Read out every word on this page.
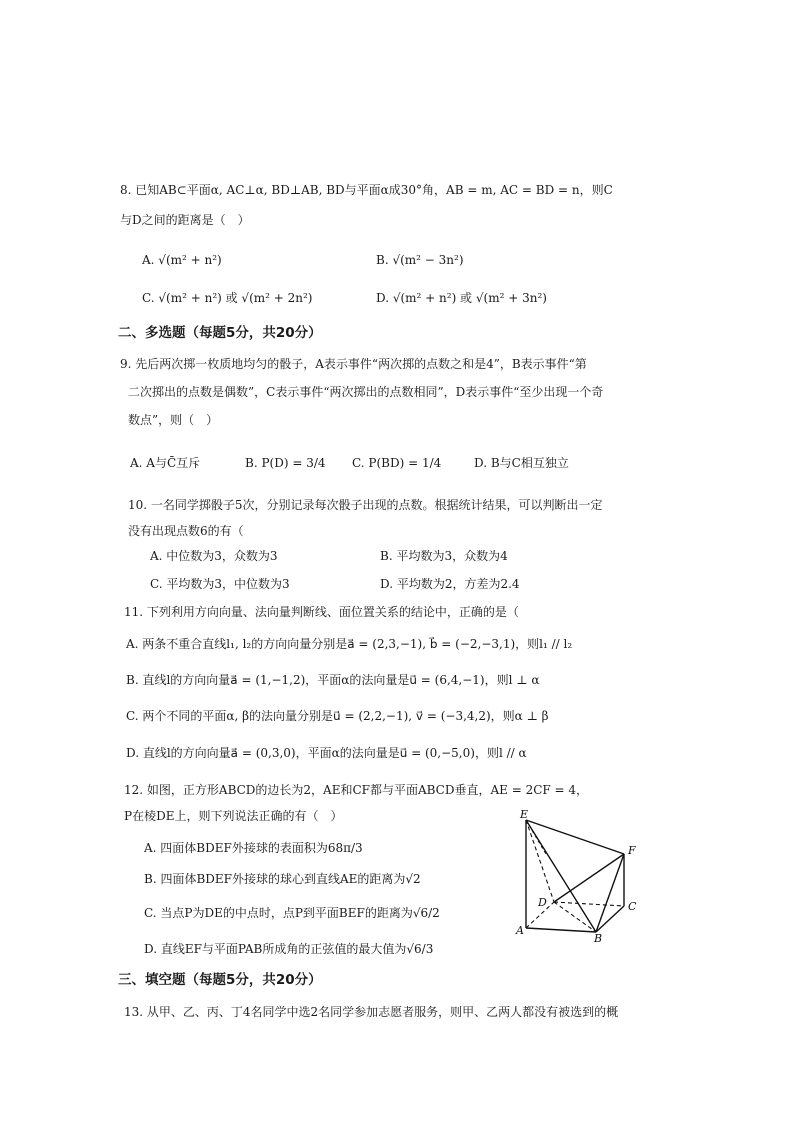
8. 已知AB⊂平面α, AC⊥α, BD⊥AB, BD与平面α成30°角，AB = m, AC = BD = n，则C
与D之间的距离是（　）
A. √(m² + n²)	B. √(m² − 3n²)
C. √(m² + n²) 或 √(m² + 2n²)	D. √(m² + n²) 或 √(m² + 3n²)
二、多选题（每题5分，共20分）
9. 先后两次掷一枚质地均匀的骰子，A表示事件“两次掷的点数之和是4”，B表示事件“第
二次掷出的点数是偶数”，C表示事件“两次掷出的点数相同”，D表示事件“至少出现一个奇
数点”，则（　）
A. A与C̄互斥	B. P(D) = 3/4 C. P(BD) = 1/4	D. B与C相互独立
10. 一名同学掷骰子5次，分别记录每次骰子出现的点数。根据统计结果，可以判断出一定
没有出现点数6的有（
A. 中位数为3，众数为3	B. 平均数为3，众数为4
C. 平均数为3，中位数为3	D. 平均数为2，方差为2.4
11. 下列利用方向向量、法向量判断线、面位置关系的结论中，正确的是（
A. 两条不重合直线l₁, l₂的方向向量分别是a⃗ = (2,3,−1), b⃗ = (−2,−3,1)，则l₁ // l₂
B. 直线l的方向向量a⃗ = (1,−1,2)，平面α的法向量是u⃗ = (6,4,−1)，则l ⊥ α
C. 两个不同的平面α, β的法向量分别是u⃗ = (2,2,−1), v⃗ = (−3,4,2)，则α ⊥ β
D. 直线l的方向向量a⃗ = (0,3,0)，平面α的法向量是u⃗ = (0,−5,0)，则l // α
12. 如图，正方形ABCD的边长为2，AE和CF都与平面ABCD垂直，AE = 2CF = 4，
P在棱DE上，则下列说法正确的有（　）
A. 四面体BDEF外接球的表面积为68π/3
B. 四面体BDEF外接球的球心到直线AE的距离为√2
C. 当点P为DE的中点时，点P到平面BEF的距离为√6/2
D. 直线EF与平面PAB所成角的正弦值的最大值为√6/3
E
F
D	C
A
B
三、填空题（每题5分，共20分）
13. 从甲、乙、丙、丁4名同学中选2名同学参加志愿者服务，则甲、乙两人都没有被选到的概
